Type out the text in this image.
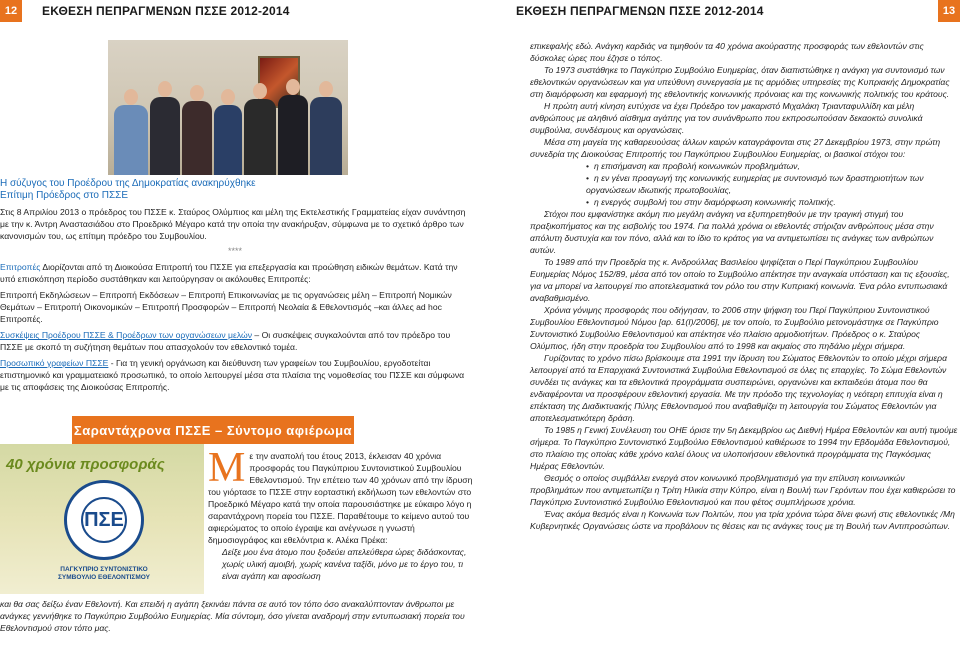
12	ΕΚΘΕΣΗ ΠΕΠΡΑΓΜΕΝΩΝ ΠΣΣΕ 2012-2014	ΕΚΘΕΣΗ ΠΕΠΡΑΓΜΕΝΩΝ ΠΣΣΕ 2012-2014	13
Η σύζυγος του Προέδρου της Δημοκρατίας ανακηρύχθηκε
Επίτιμη Πρόεδρος στο ΠΣΣΕ

Στις 8 Απριλίου 2013 ο πρόεδρος του ΠΣΣΕ κ. Σταύρος Ολύμπιος και μέλη της Εκτελεστικής Γραμματείας είχαν συνάντηση με την κ. Άντρη Αναστασιάδου στο Προεδρικό Μέγαρο κατά την οποία την ανακήρυξαν, σύμφωνα με το σχετικό άρθρο των κανονισμών του, ως επίτιμη πρόεδρο του Συμβουλίου.

****

Επιτροπές Διορίζονται από τη Διοικούσα Επιτροπή του ΠΣΣΕ για επεξεργασία και προώθηση ειδικών θεμάτων. Κατά την υπό επισκόπηση περίοδο συστάθηκαν και λειτούργησαν οι ακόλουθες Επιτροπές:

Επιτροπή Εκδηλώσεων – Επιτροπή Εκδόσεων – Επιτροπή Επικοινωνίας με τις οργανώσεις μέλη – Επιτροπή Νομικών Θεμάτων – Επιτροπή Οικονομικών – Επιτροπή Προσφορών – Επιτροπή Νεολαία & Εθελοντισμός –και άλλες ad hoc Επιτροπές.

Συσκέψεις Προέδρου ΠΣΣΕ & Προέδρων των οργανώσεων μελών – Οι συσκέψεις συγκαλούνται από τον πρόεδρο του ΠΣΣΕ με σκοπό τη συζήτηση θεμάτων που απασχολούν τον εθελοντικό τομέα.

Προσωπικό γραφείων ΠΣΣΕ - Για τη γενική οργάνωση και διεύθυνση των γραφείων του Συμβουλίου, εργοδοτείται επιστημονικό και γραμματειακό προσωπικό, το οποίο λειτουργεί μέσα στα πλαίσια της νομοθεσίας του ΠΣΣΕ και σύμφωνα με τις αποφάσεις της Διοικούσας Επιτροπής.

Σαραντάχρονα ΠΣΣΕ – Σύντομο αφιέρωμα
40 χρόνια προσφοράς
ΠΣΕ
ΠΑΓΚΥΠΡΙΟ ΣΥΝΤΟΝΙΣΤΙΚΟ ΣΥΜΒΟΥΛΙΟ ΕΘΕΛΟΝΤΙΣΜΟΥ
Μ ε την αναπολή του έτους 2013, έκλεισαν 40 χρόνια προσφοράς του Παγκύπριου Συντονιστικού Συμβουλίου Εθελοντισμού. Την επέτειο των 40 χρόνων από την ίδρυση του γιόρτασε το ΠΣΣΕ στην εορταστική εκδήλωση των εθελοντών στο Προεδρικό Μέγαρο κατά την οποία παρουσιάστηκε με εύκαιρο λόγο η σαραντάχρονη πορεία του ΠΣΣΕ. Παραθέτουμε το κείμενο αυτού του αφιερώματος το οποίο έγραψε και ανέγνωσε η γνωστή δημοσιογράφος και εθελόντρια κ. Αλέκα Πρέκα:

Δείξε μου ένα άτομο που ξοδεύει απελεύθερα ώρες διδάσκοντας, χωρίς υλική αμοιβή, χωρίς κανένα ταξίδι, μόνο με το έργο του, τι είναι αγάπη και αφοσίωση

και θα σας δείξω έναν Εθελοντή. Και επειδή η αγάπη ξεκινάει πάντα σε αυτό τον τόπο όσο ανακαλύπτονταν άνθρωποι με ανάγκες γεννήθηκε το Παγκύπριο Συμβούλιο Ευημερίας. Μία σύντομη, όσο γίνεται αναδρομή στην εντυπωσιακή πορεία του Εθελοντισμού στον τόπο μας.

επικεφαλής εδώ. Ανάγκη καρδιάς να τιμηθούν τα 40 χρόνια ακούραστης προσφοράς των εθελοντών στις δύσκολες ώρες που έζησε ο τόπος.

Το 1973 συστάθηκε το Παγκύπριο Συμβούλιο Ευημερίας, όταν διαπιστώθηκε η ανάγκη για συντονισμό των εθελοντικών οργανώσεων και για υπεύθυνη συνεργασία με τις αρμόδιες υπηρεσίες της Κυπριακής Δημοκρατίας στη διαμόρφωση και εφαρμογή της εθελοντικής κοινωνικής πρόνοιας και της κοινωνικής πολιτικής του κράτους.

Η πρώτη αυτή κίνηση ευτύχισε να έχει Πρόεδρο τον μακαριστό Μιχαλάκη Τριανταφυλλίδη και μέλη ανθρώπους με αληθινό αίσθημα αγάπης για τον συνάνθρωπο που εκπροσωπούσαν δεκαοκτώ συνολικά συμβούλια, συνδέσμους και οργανώσεις.

Μέσα στη μαγεία της καθαρευούσας άλλων καιρών καταγράφονται στις 27 Δεκεμβρίου 1973, στην πρώτη συνεδρία της Διοικούσας Επιτροπής του Παγκύπριου Συμβουλίου Ευημερίας, οι βασικοί στόχοι του:

• η επισήμανση και προβολή κοινωνικών προβλημάτων,
• η εν γένει προαγωγή της κοινωνικής ευημερίας με συντονισμό των δραστηριοτήτων των οργανώσεων ιδιωτικής πρωτοβουλίας,
• η ενεργός συμβολή του στην διαμόρφωση κοινωνικής πολιτικής.

Στόχοι που εμφανίστηκε ακόμη πιο μεγάλη ανάγκη να εξυπηρετηθούν με την τραγική στιγμή του πραξικοπήματος και της εισβολής του 1974. Για πολλά χρόνια οι εθελοντές στήριζαν ανθρώπους μέσα στην απόλυτη δυστυχία και τον πόνο, αλλά και το ίδιο το κράτος για να αντιμετωπίσει τις ανάγκες των ανθρώπων αυτών.

Το 1989 από την Προεδρία της κ. Ανδρούλλας Βασιλείου ψηφίζεται ο Περί Παγκύπριου Συμβουλίου Ευημερίας Νόμος 152/89, μέσα από τον οποίο το Συμβούλιο απέκτησε την αναγκαία υπόσταση και τις εξουσίες, για να μπορεί να λειτουργεί πιο αποτελεσματικά τον ρόλο του στην Κυπριακή κοινωνία. Ένα ρόλο εντυπωσιακά αναβαθμισμένο.

Χρόνια γόνιμης προσφοράς που οδήγησαν, το 2006 στην ψήφιση του Περί Παγκύπριου Συντονιστικού Συμβουλίου Εθελοντισμού Νόμου [αρ. 61(Ι)/2006], με τον οποίο, το Συμβούλιο μετονομάστηκε σε Παγκύπριο Συντονιστικό Συμβούλιο Εθελοντισμού και απέκτησε νέο πλαίσιο αρμοδιοτήτων. Πρόεδρος ο κ. Σταύρος Ολύμπιος, ήδη στην προεδρία του Συμβουλίου από το 1998 και ακμαίος στο πηδάλιο μέχρι σήμερα.

Γυρίζοντας το χρόνο πίσω βρίσκουμε στα 1991 την ίδρυση του Σώματος Εθελοντών το οποίο μέχρι σήμερα λειτουργεί από τα Επαρχιακά Συντονιστικά Συμβούλια Εθελοντισμού σε όλες τις επαρχίες. Το Σώμα Εθελοντών συνδέει τις ανάγκες και τα εθελοντικά προγράμματα συσπειρώνει, οργανώνει και εκπαιδεύει άτομα που θα ενδιαφέρονται να προσφέρουν εθελοντική εργασία. Με την πρόοδο της τεχνολογίας η νεότερη επιτυχία είναι η επέκταση της Διαδικτυακής Πύλης Εθελοντισμού που αναβαθμίζει τη λειτουργία του Σώματος Εθελοντών για αποτελεσματικότερη δράση.

Το 1985 η Γενική Συνέλευση του ΟΗΕ όρισε την 5η Δεκεμβρίου ως Διεθνή Ημέρα Εθελοντών και αυτή τιμούμε σήμερα. Το Παγκύπριο Συντονιστικό Συμβούλιο Εθελοντισμού καθιέρωσε το 1994 την Εβδομάδα Εθελοντισμού, στο πλαίσιο της οποίας κάθε χρόνο καλεί όλους να υλοποιήσουν εθελοντικά προγράμματα της Παγκόσμιας Ημέρας Εθελοντών.

Θεσμός ο οποίος συμβάλλει ενεργά στον κοινωνικό προβληματισμό για την επίλυση κοινωνικών προβλημάτων που αντιμετωπίζει η Τρίτη Ηλικία στην Κύπρο, είναι η Βουλή των Γερόντων που έχει καθιερώσει το Παγκύπριο Συντονιστικό Συμβούλιο Εθελοντισμού και που φέτος συμπλήρωσε χρόνια.

Ένας ακόμα θεσμός είναι η Κοινωνία των Πολιτών, που για τρία χρόνια τώρα δίνει φωνή στις εθελοντικές /Μη Κυβερνητικές Οργανώσεις ώστε να προβάλουν τις θέσεις και τις ανάγκες τους με τη Βουλή των Αντιπροσώπων.
